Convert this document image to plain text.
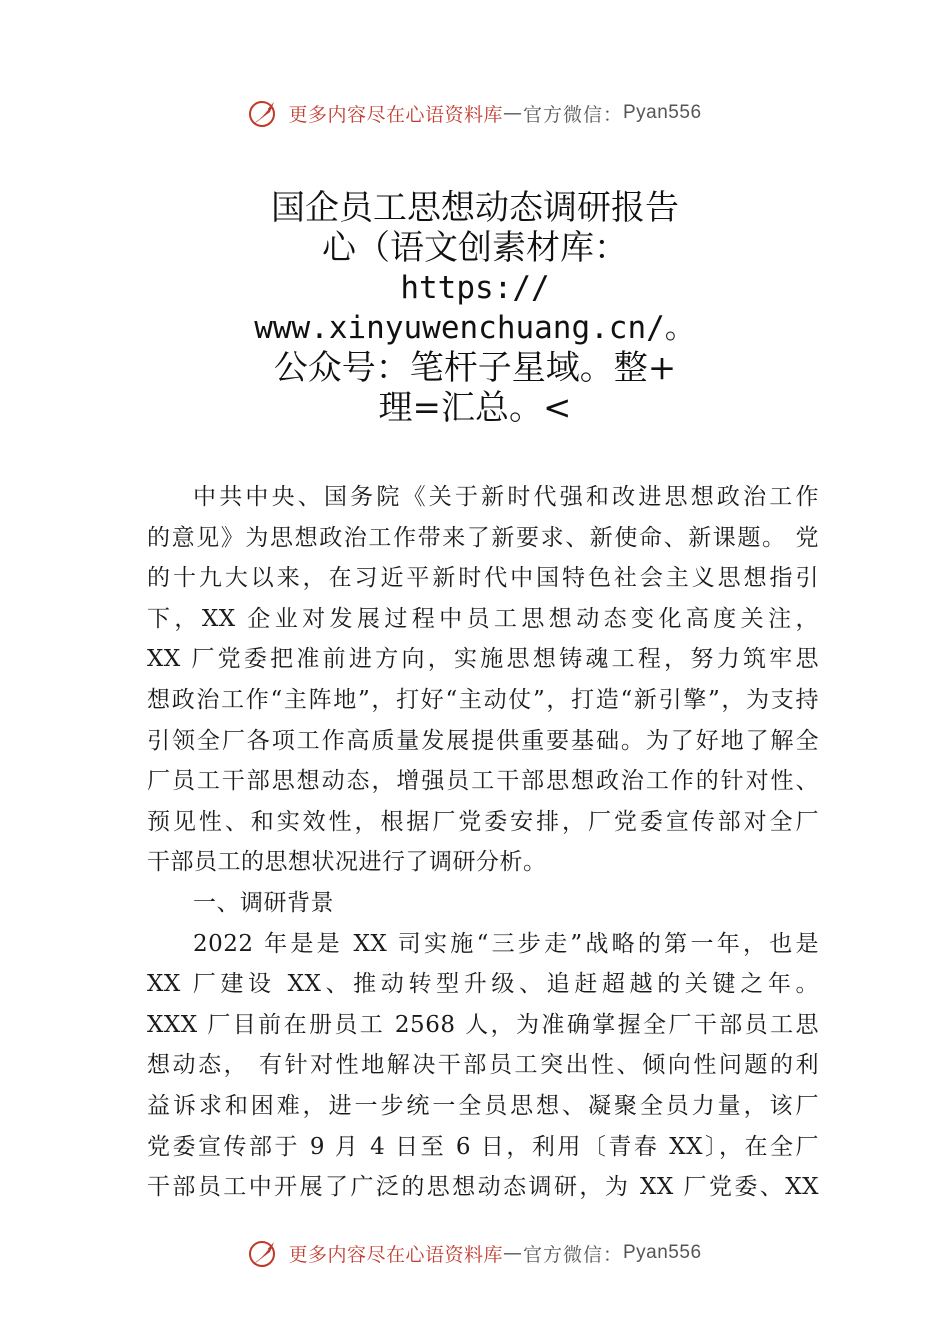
更多内容尽在心语资料库 — 官方微信： Pyan556
国企员工思想动态调研报告
心（语文创素材库：
https://
www.xinyuwenchuang.cn/。
公众号：笔杆子星域。整+
理=汇总。<
中共中央、国务院《关于新时代强和改进思想政治工作
的意见》为思想政治工作带来了新要求、新使命、新课题。 党
的十九大以来，在习近平新时代中国特色社会主义思想指引
下，XX 企业对发展过程中员工思想动态变化高度关注，
XX 厂党委把准前进方向，实施思想铸魂工程，努力筑牢思
想政治工作“主阵地”，打好“主动仗”，打造“新引擎”，为支持
引领全厂各项工作高质量发展提供重要基础。为了好地了解全
厂员工干部思想动态，增强员工干部思想政治工作的针对性、
预见性、和实效性，根据厂党委安排，厂党委宣传部对全厂
干部员工的思想状况进行了调研分析。
一、调研背景
2022 年是是 XX 司实施“三步走”战略的第一年，也是
XX 厂建设 XX、推动转型升级、追赶超越的关键之年。
XXX 厂目前在册员工 2568 人，为准确掌握全厂干部员工思
想动态， 有针对性地解决干部员工突出性、倾向性问题的利
益诉求和困难，进一步统一全员思想、凝聚全员力量，该厂
党委宣传部于 9 月 4 日至 6 日，利用〔青春 XX〕，在全厂
干部员工中开展了广泛的思想动态调研，为 XX 厂党委、XX
更多内容尽在心语资料库 — 官方微信： Pyan556
